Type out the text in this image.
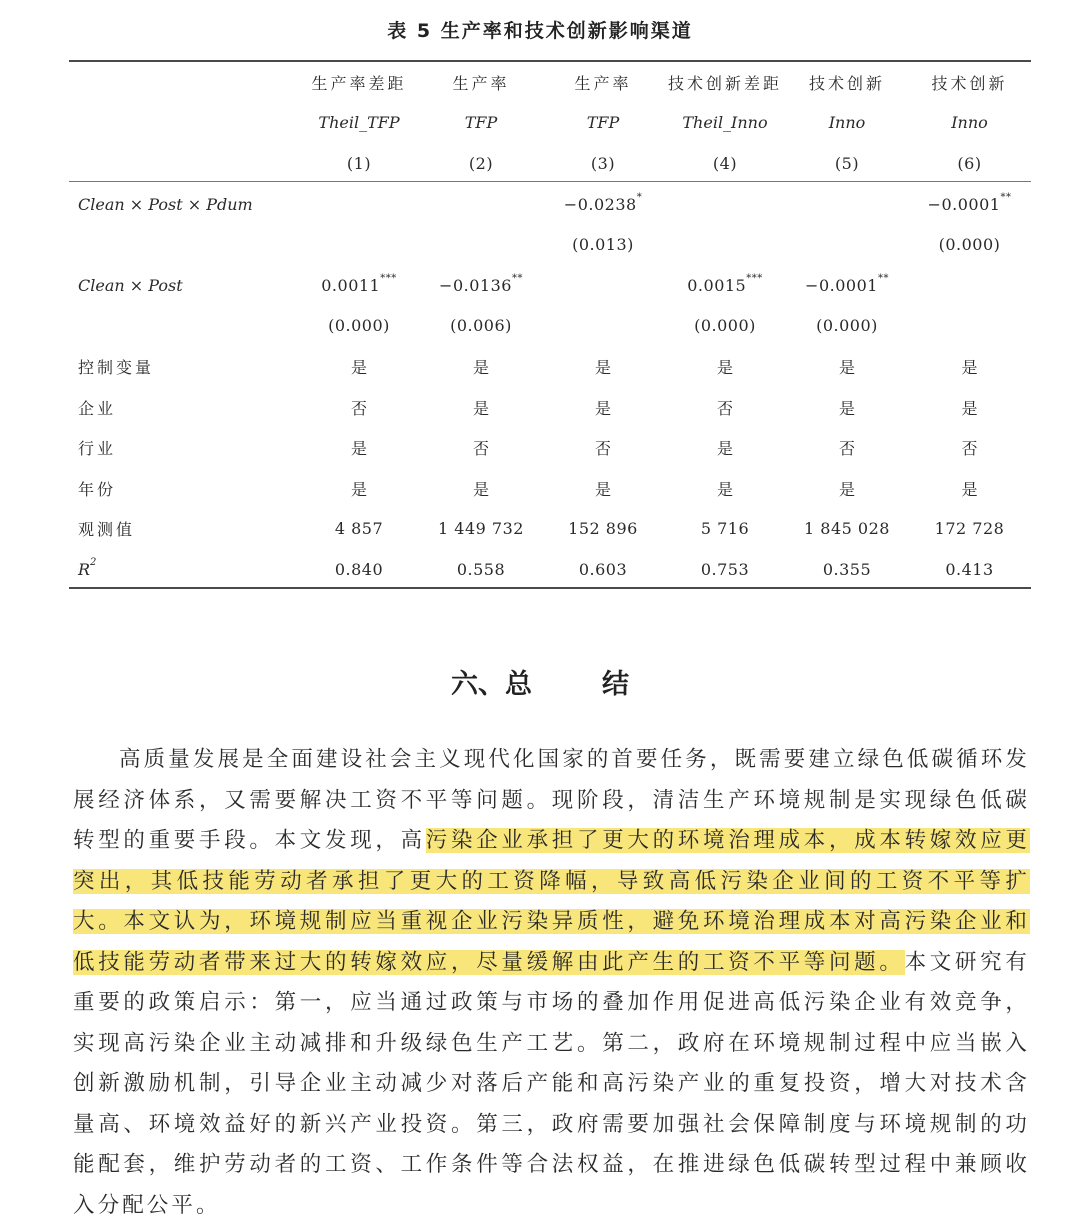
表 5 生产率和技术创新影响渠道
	生产率差距	生产率	生产率	技术创新差距	技术创新	技术创新
	Theil_TFP	TFP	TFP	Theil_Inno	Inno	Inno
	(1)	(2)	(3)	(4)	(5)	(6)
Clean × Post × Pdum			−0.0238*			−0.0001**
			(0.013)			(0.000)
Clean × Post	0.0011***	−0.0136**		0.0015***	−0.0001**	
	(0.000)	(0.006)		(0.000)	(0.000)	
控制变量	是	是	是	是	是	是
企业	否	是	是	否	是	是
行业	是	否	否	是	否	否
年份	是	是	是	是	是	是
观测值	4 857	1 449 732	152 896	5 716	1 845 028	172 728
$R^2$	0.840	0.558	0.603	0.753	0.355	0.413
六、总	结
高质量发展是全面建设社会主义现代化国家的首要任务，既需要建立绿色低碳循环发展经济体系，又需要解决工资不平等问题。现阶段，清洁生产环境规制是实现绿色低碳转型的重要手段。本文发现，高污染企业承担了更大的环境治理成本，成本转嫁效应更突出，其低技能劳动者承担了更大的工资降幅，导致高低污染企业间的工资不平等扩大。本文认为，环境规制应当重视企业污染异质性，避免环境治理成本对高污染企业和低技能劳动者带来过大的转嫁效应，尽量缓解由此产生的工资不平等问题。本文研究有重要的政策启示：第一，应当通过政策与市场的叠加作用促进高低污染企业有效竞争，实现高污染企业主动减排和升级绿色生产工艺。第二，政府在环境规制过程中应当嵌入创新激励机制，引导企业主动减少对落后产能和高污染产业的重复投资，增大对技术含量高、环境效益好的新兴产业投资。第三，政府需要加强社会保障制度与环境规制的功能配套，维护劳动者的工资、工作条件等合法权益，在推进绿色低碳转型过程中兼顾收入分配公平。
